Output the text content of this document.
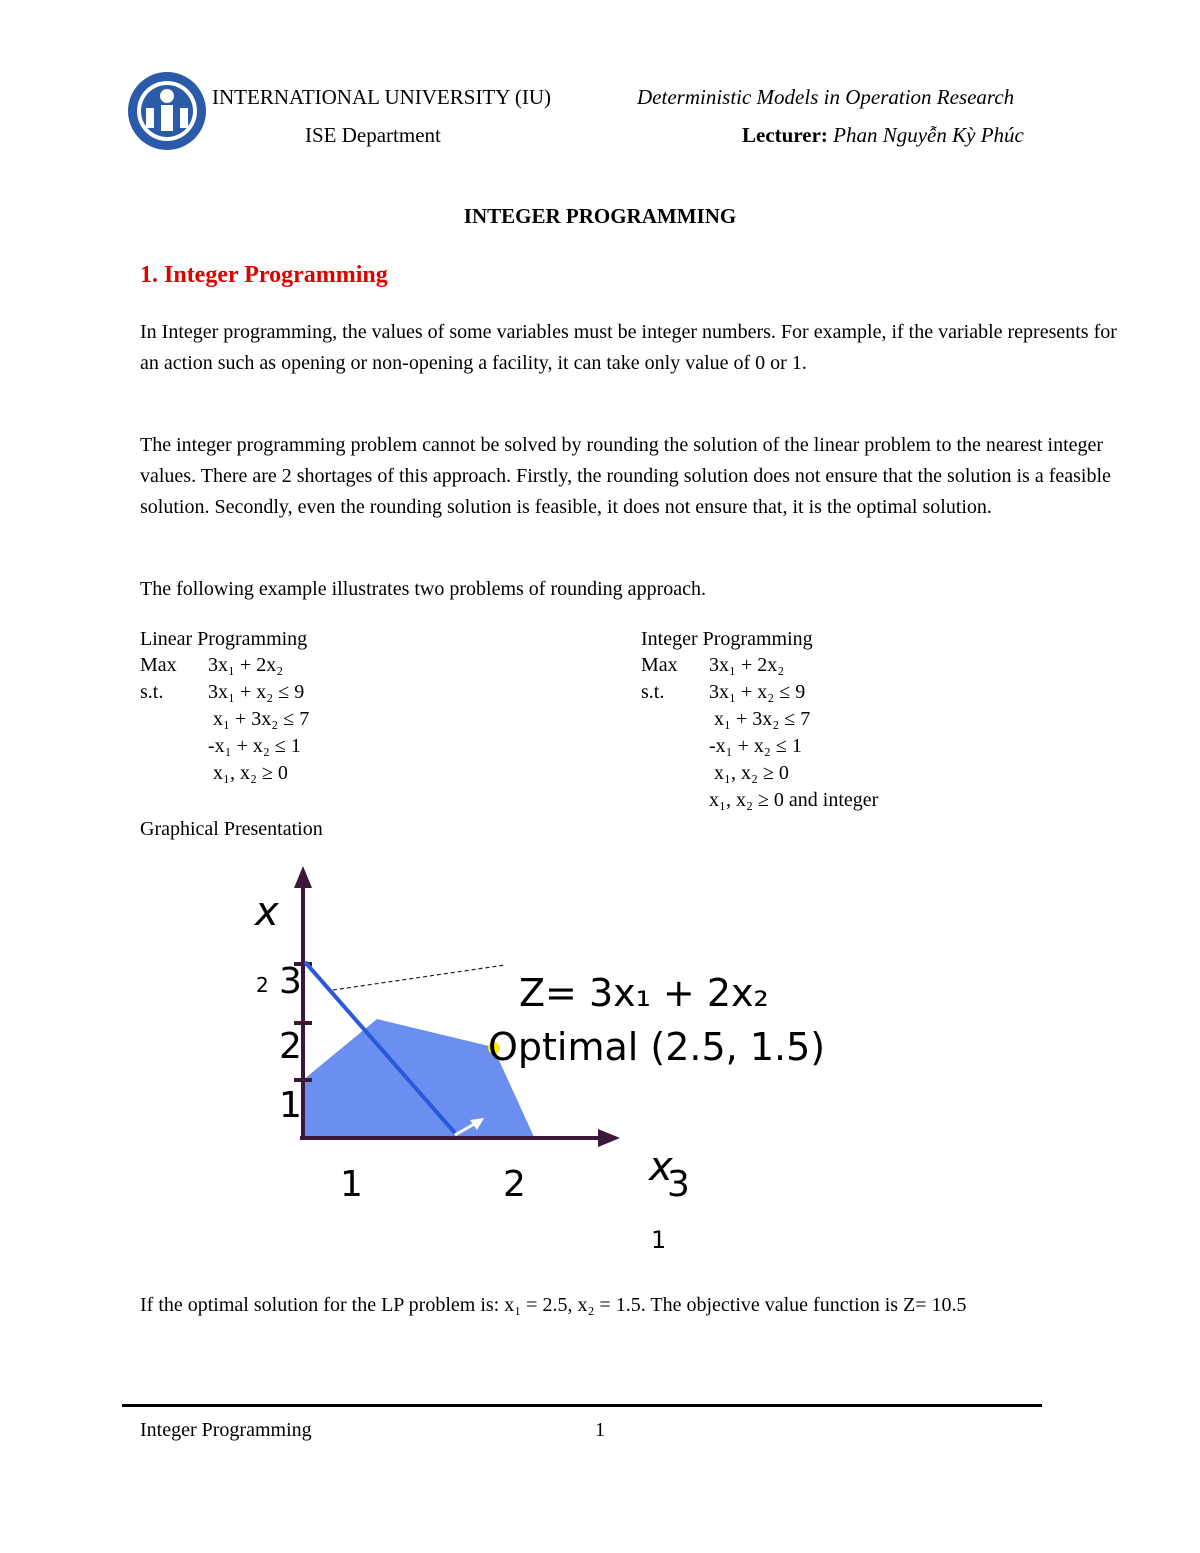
INTERNATIONAL UNIVERSITY (IU)
ISE Department
Deterministic Models in Operation Research
Lecturer: Phan Nguyễn Kỳ Phúc
INTEGER PROGRAMMING
1. Integer Programming
In Integer programming, the values of some variables must be integer numbers. For example, if the variable represents for an action such as opening or non-opening a facility, it can take only value of 0 or 1.
The integer programming problem cannot be solved by rounding the solution of the linear problem to the nearest integer values. There are 2 shortages of this approach. Firstly, the rounding solution does not ensure that the solution is a feasible solution. Secondly, even the rounding solution is feasible, it does not ensure that, it is the optimal solution.
The following example illustrates two problems of rounding approach.
Linear Programming
Max 3x₁ + 2x₂
s.t. 3x₁ + x₂ ≤ 9
x₁ + 3x₂ ≤ 7
-x₁ + x₂ ≤ 1
x₁, x₂ ≥ 0
Integer Programming
Max 3x₁ + 2x₂
s.t. 3x₁ + x₂ ≤ 9
x₁ + 3x₂ ≤ 7
-x₁ + x₂ ≤ 1
x₁, x₂ ≥ 0
x₁, x₂ ≥ 0 and integer
Graphical Presentation
x
2 3
2
1
1	2	x
3
1
Z= 3x₁ + 2x₂
Optimal (2.5, 1.5)
If the optimal solution for the LP problem is: x₁ = 2.5, x₂ = 1.5. The objective value function is Z= 10.5
Integer Programming	1
